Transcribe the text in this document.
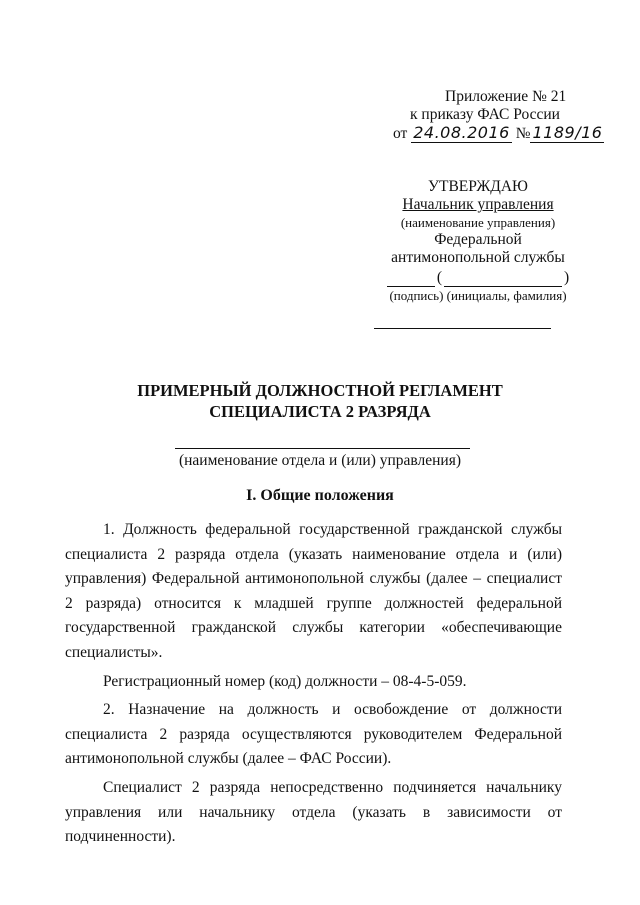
Приложение № 21
к приказу ФАС России
от
24.08.2016
№ 1189/16
УТВЕРЖДАЮ
Начальник управления
(наименование управления)
Федеральной
антимонопольной службы
(	)
(подпись) (инициалы, фамилия)
ПРИМЕРНЫЙ ДОЛЖНОСТНОЙ РЕГЛАМЕНТ
СПЕЦИАЛИСТА 2 РАЗРЯДА
(наименование отдела и (или) управления)
I. Общие положения

1. Должность федеральной государственной гражданской службы специалиста 2 разряда отдела (указать наименование отдела и (или) управления) Федеральной антимонопольной службы (далее – специалист 2 разряда) относится к младшей группе должностей федеральной государственной гражданской службы категории «обеспечивающие специалисты».

Регистрационный номер (код) должности – 08-4-5-059.

2. Назначение на должность и освобождение от должности специалиста 2 разряда осуществляются руководителем Федеральной антимонопольной службы (далее – ФАС России).

Специалист 2 разряда непосредственно подчиняется начальнику управления или начальнику отдела (указать в зависимости от подчиненности).
